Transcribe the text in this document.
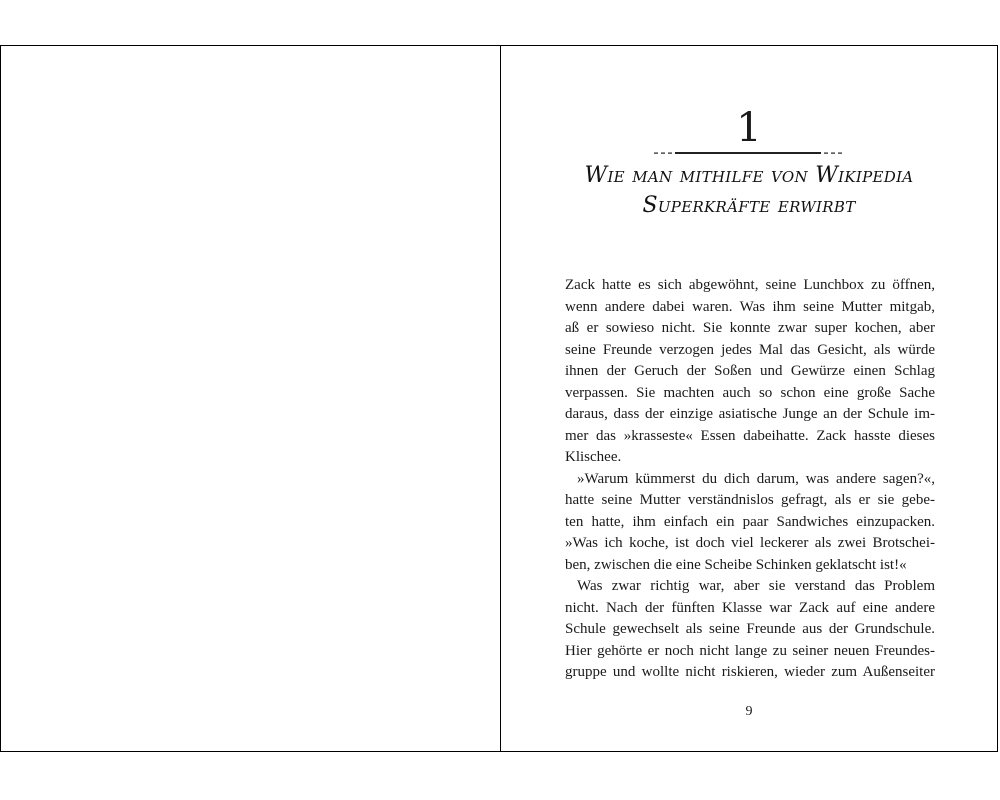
1
Wie man mithilfe von Wikipedia
Superkräfte erwirbt
Zack hatte es sich abgewöhnt, seine Lunchbox zu öffnen,
wenn andere dabei waren. Was ihm seine Mutter mitgab,
aß er sowieso nicht. Sie konnte zwar super kochen, aber
seine Freunde verzogen jedes Mal das Gesicht, als würde
ihnen der Geruch der Soßen und Gewürze einen Schlag
verpassen. Sie machten auch so schon eine große Sache
daraus, dass der einzige asiatische Junge an der Schule im-
mer das »krasseste« Essen dabeihatte. Zack hasste dieses
Klischee.
»Warum kümmerst du dich darum, was andere sagen?«,
hatte seine Mutter verständnislos gefragt, als er sie gebe-
ten hatte, ihm einfach ein paar Sandwiches einzupacken.
»Was ich koche, ist doch viel leckerer als zwei Brotschei-
ben, zwischen die eine Scheibe Schinken geklatscht ist!«
Was zwar richtig war, aber sie verstand das Problem
nicht. Nach der fünften Klasse war Zack auf eine andere
Schule gewechselt als seine Freunde aus der Grundschule.
Hier gehörte er noch nicht lange zu seiner neuen Freundes-
gruppe und wollte nicht riskieren, wieder zum Außenseiter
9
